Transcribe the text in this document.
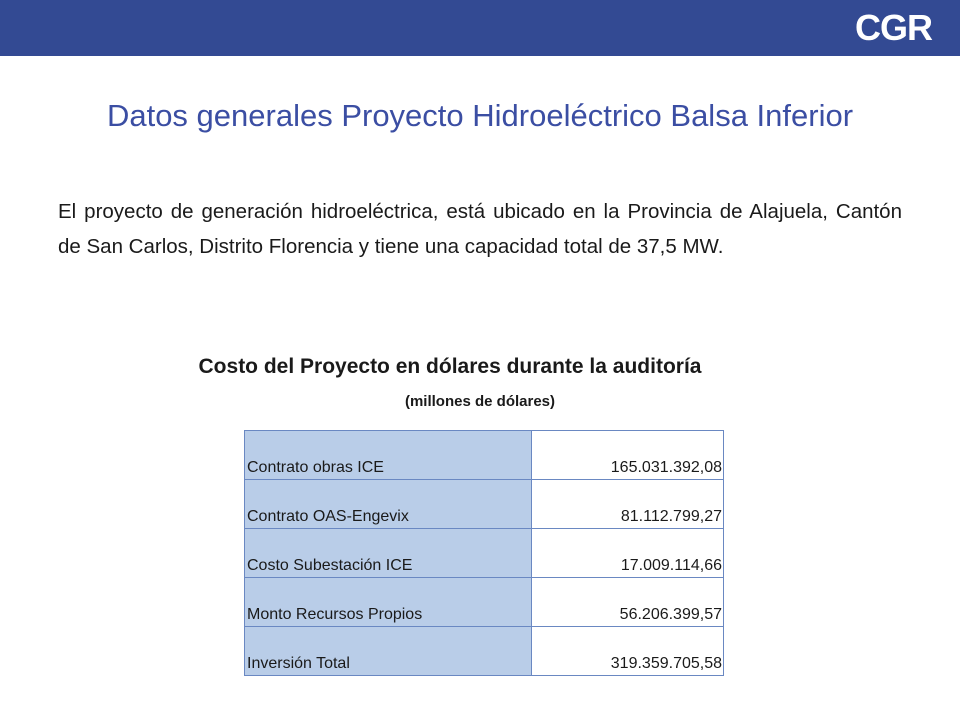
CGR
Datos generales Proyecto Hidroeléctrico Balsa Inferior
El proyecto de generación hidroeléctrica, está ubicado en la Provincia de Alajuela, Cantón de San Carlos, Distrito Florencia y tiene una capacidad total de 37,5 MW.
Costo del Proyecto en dólares durante la auditoría
(millones de dólares)
Contrato obras ICE	165.031.392,08
Contrato OAS-Engevix	81.112.799,27
Costo Subestación ICE	17.009.114,66
Monto Recursos Propios	56.206.399,57
Inversión Total	319.359.705,58
